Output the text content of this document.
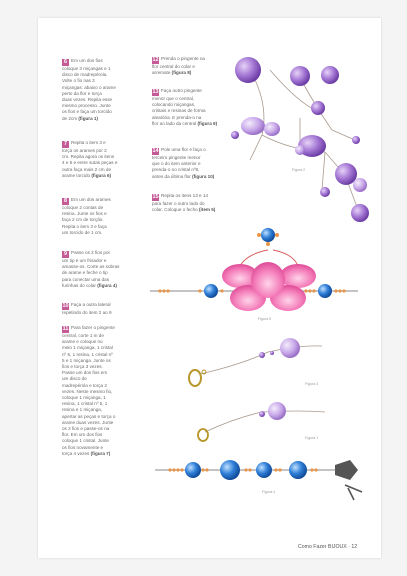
6 Em um dos fios
coloque 3 miçangas e 1
disco de madrepérola.
Volte o fio nas 3
miçangas: abaixo o arame
perto da flor e torça
duas vezes. Repita esse
mesmo processo. Junte
os fios e faça um torcido
de 2cm (figura 1)
7 Repita o item 3 e
torça os arames por 2
cm. Repita agora os itens
4 e 5 e entre sutas peças e
outra faça mais 2 cm de
arame torcido (figura 6)
8 Em um dos arames
coloque 2 contas de
resina. Junte os fios e
faça 2 cm de torção.
Repita o item 3 e faça
um torcido de 1 cm.
9 Passe os 2 fios por
um tip e um frisador e
amasse-os. Corte as sobras
de arame e feche o tip
para conectar uma das
furinhas do colar (figura 4)
10 Faça a outra lateral
repetindo do item 2 ao 9
11 Para fazer o pingente
central, corte 1 m de
arame e coloque no
meio 1 miçanga, 1 cristal
nº 5, 1 resina, 1 cristal nº
5 e 1 miçanga. Junte os
fios e torça 3 vezes.
Passe um dos fios em
um disco de
madrepérola e torça 2
vezes. Neste mesmo fio,
coloque 1 miçanga, 1
resina, 1 cristal nº 5, 1
resina e 1 miçanga,
apertar as peças e torça o
arame duas vezes. Junte
os 2 fios e passe-os na
flor. Em um dos fios
coloque 1 cristal. Junte
os fios novamente e
torça 4 vezes (figura 7)
12 Prenda o pingente na
flor central do colar e
arremate (figura 8)
13 Faça outro pingente
menor que o central,
colocando miçangas,
cristais e resinas de forma
aleatória. E prenda-o na
flor ao lado da central (figura 9)
14 Pole uma flor e faça o
terceiro pingente menor
que o do item anterior e
prenda-o no cristal nº8,
antes da última flor (figura 10)
15 Repita os itens 13 e 14
para fazer o outro lado do
colar. Coloque o fecho (item 5)
Figura 2
Figura 5
Figura 3
Figura 1
Figura 4
Como Fazer BIJOUX · 12
